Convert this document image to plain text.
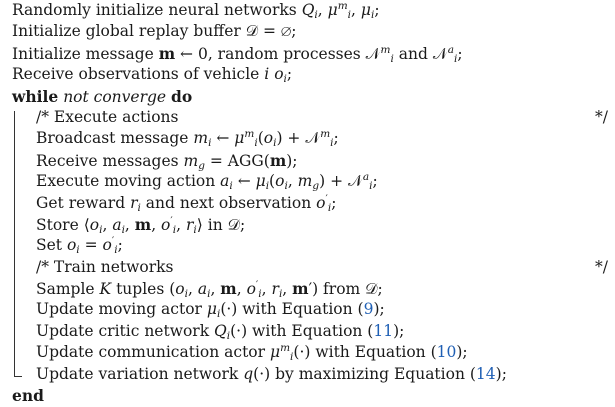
Randomly initialize neural networks $Q_i$, $\mu^m_i$, $\mu_i$;
Initialize global replay buffer 𝒟 = ∅;
Initialize message m ← 0, random processes 𝒩$^m_i$ and 𝒩$^a_i$;
Receive observations of vehicle i $o_i$;
while not converge do
/* Execute actions	*/
Broadcast message $m_i$ ← $\mu^m_i(o_i)$ + 𝒩$^m_i$;
Receive messages $m_g = AGG(m)$;
Execute moving action $a_i$ ← $\mu_i(o_i$, $m_g$) + 𝒩$^a_i$;
Get reward $r_i$ and next observation $o'_i$;
Store $⟨o_i$, $a_i$, m, $o'_i$, $r_i⟩$ in 𝒟;
Set $o_i = o'_i$;
/* Train networks	*/
Sample K tuples ($o_i$, $a_i$, m, $o'_i$, $r_i$, m′) from 𝒟;
Update moving actor $\mu_i(\cdot)$ with Equation (9);
Update critic network $Q_i(\cdot)$ with Equation (11);
Update communication actor $\mu^m_i(\cdot)$ with Equation (10);
Update variation network q(·) by maximizing Equation (14);
end
